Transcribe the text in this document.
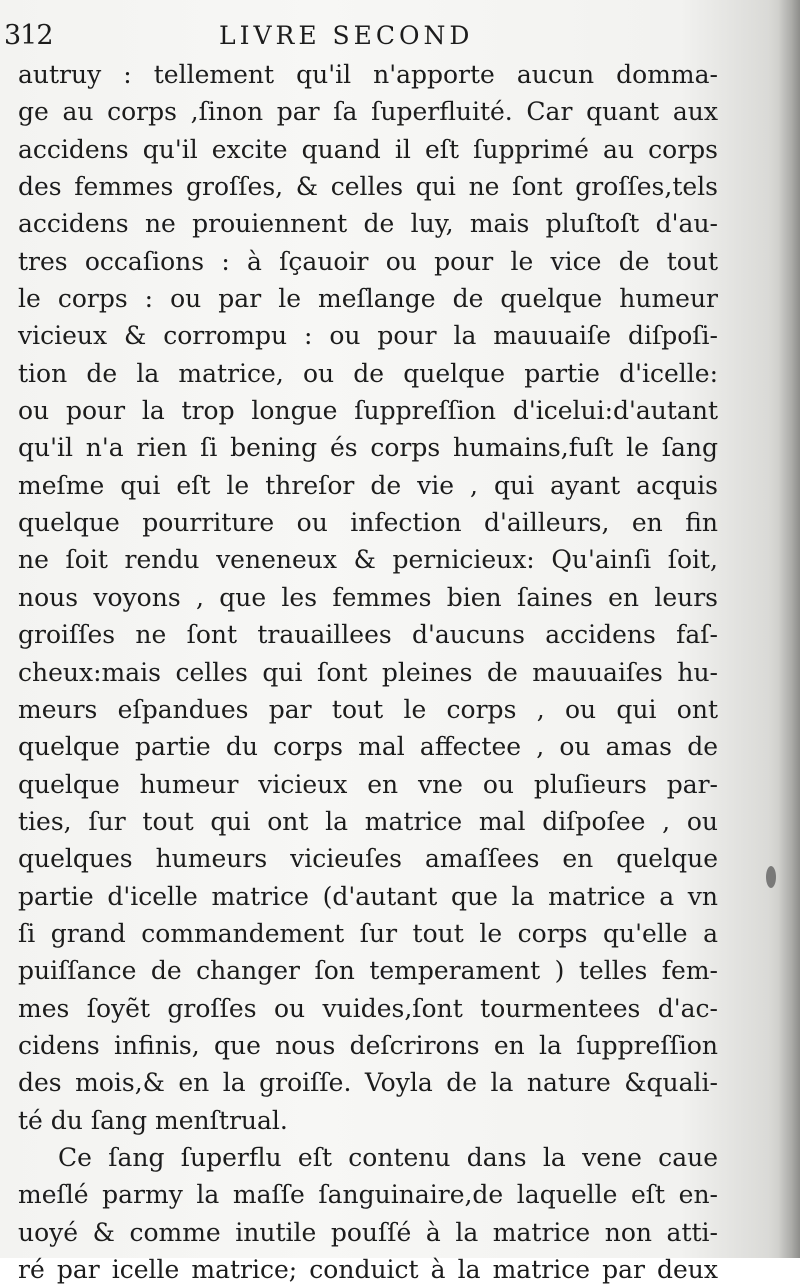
312	LIVRE SECOND
autruy : tellement qu'il n'apporte aucun domma-
ge au corps ,ſinon par ſa ſuperfluité. Car quant aux
accidens qu'il excite quand il eſt ſupprimé au corps
des femmes groſſes, & celles qui ne ſont groſſes,tels
accidens ne prouiennent de luy, mais pluſtoſt d'au-
tres occaſions : à ſçauoir ou pour le vice de tout
le corps : ou par le meſlange de quelque humeur
vicieux & corrompu : ou pour la mauuaiſe diſpoſi-
tion de la matrice, ou de quelque partie d'icelle:
ou pour la trop longue ſuppreſſion d'icelui:d'autant
qu'il n'a rien ſi bening és corps humains,fuſt le ſang
meſme qui eſt le threſor de vie , qui ayant acquis
quelque pourriture ou infection d'ailleurs, en fin
ne ſoit rendu veneneux & pernicieux: Qu'ainſi ſoit,
nous voyons , que les femmes bien ſaines en leurs
groiſſes ne ſont trauaillees d'aucuns accidens faſ-
cheux:mais celles qui ſont pleines de mauuaiſes hu-
meurs eſpandues par tout le corps , ou qui ont
quelque partie du corps mal affectee , ou amas de
quelque humeur vicieux en vne ou pluſieurs par-
ties, ſur tout qui ont la matrice mal diſpoſee , ou
quelques humeurs vicieuſes amaſſees en quelque
partie d'icelle matrice (d'autant que la matrice a vn
ſi grand commandement ſur tout le corps qu'elle a
puiſſance de changer ſon temperament ) telles fem-
mes ſoyẽt groſſes ou vuides,ſont tourmentees d'ac-
cidens infinis, que nous deſcrirons en la ſuppreſſion
des mois,& en la groiſſe. Voyla de la nature &quali-
té du ſang menſtrual.
Ce ſang ſuperflu eſt contenu dans la vene caue
meſlé parmy la maſſe ſanguinaire,de laquelle eſt en-
uoyé & comme inutile pouſſé à la matrice non atti-
ré par icelle matrice; conduict à la matrice par deux
